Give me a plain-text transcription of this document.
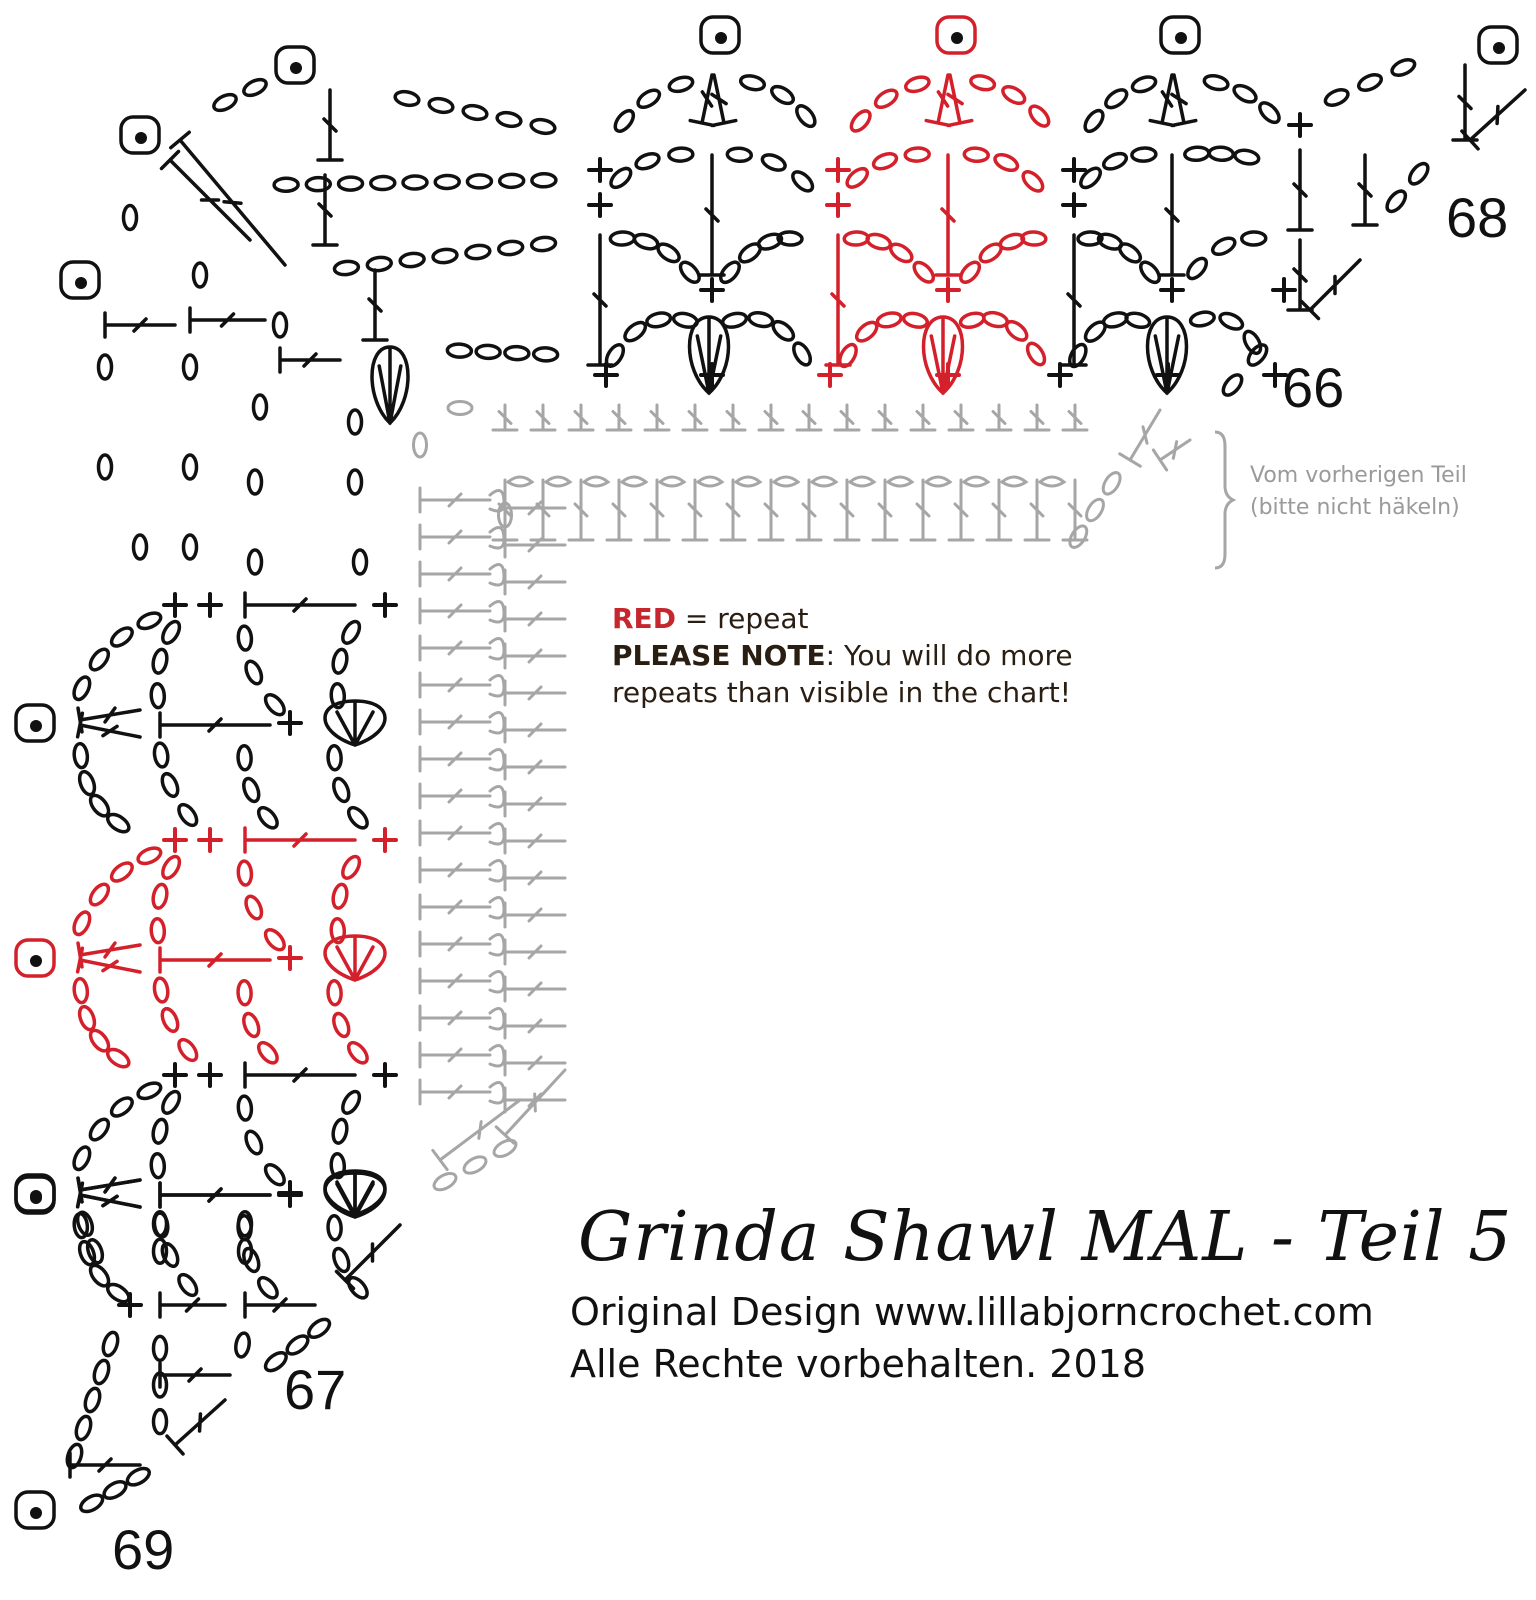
66
68
67
69
RED = repeat
PLEASE NOTE: You will do more
repeats than visible in the chart!
Vom vorherigen Teil
(bitte nicht häkeln)
Grinda Shawl MAL - Teil 5
Original Design www.lillabjorncrochet.com
Alle Rechte vorbehalten. 2018
